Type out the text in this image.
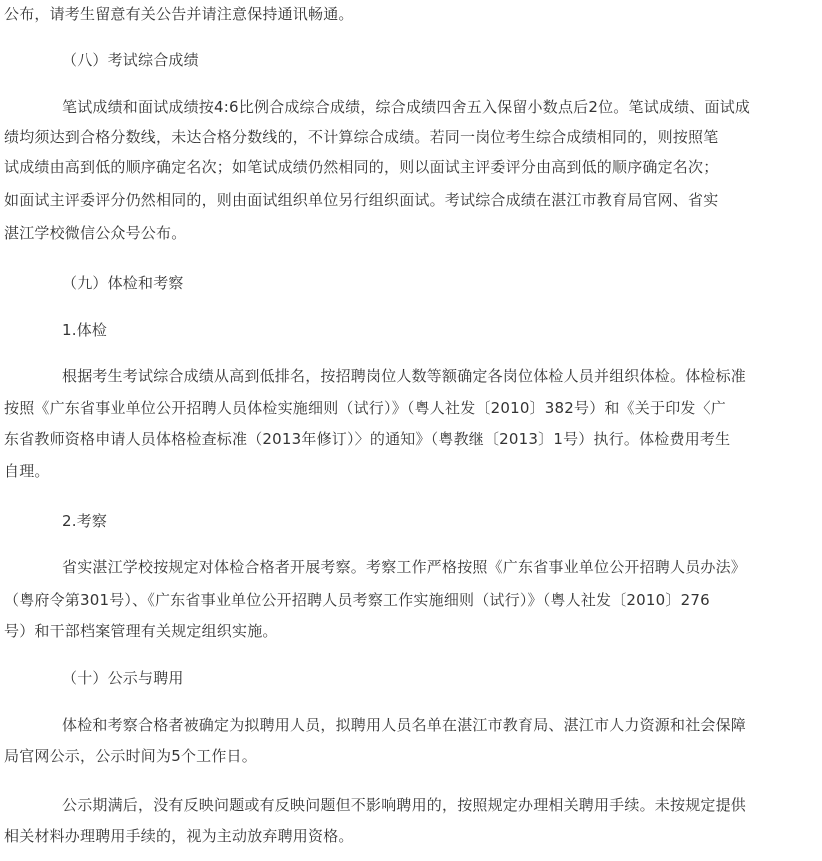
公布，请考生留意有关公告并请注意保持通讯畅通。
（八）考试综合成绩
笔试成绩和面试成绩按4:6比例合成综合成绩，综合成绩四舍五入保留小数点后2位。笔试成绩、面试成
绩均须达到合格分数线，未达合格分数线的，不计算综合成绩。若同一岗位考生综合成绩相同的，则按照笔
试成绩由高到低的顺序确定名次；如笔试成绩仍然相同的，则以面试主评委评分由高到低的顺序确定名次；
如面试主评委评分仍然相同的，则由面试组织单位另行组织面试。考试综合成绩在湛江市教育局官网、省实
湛江学校微信公众号公布。
（九）体检和考察
1.体检
根据考生考试综合成绩从高到低排名，按招聘岗位人数等额确定各岗位体检人员并组织体检。体检标准
按照《广东省事业单位公开招聘人员体检实施细则（试行）》（粤人社发〔2010〕382号）和《关于印发〈广
东省教师资格申请人员体格检查标准（2013年修订）〉的通知》（粤教继〔2013〕1号）执行。体检费用考生
自理。
2.考察
省实湛江学校按规定对体检合格者开展考察。考察工作严格按照《广东省事业单位公开招聘人员办法》
（粤府令第301号）、《广东省事业单位公开招聘人员考察工作实施细则（试行）》（粤人社发〔2010〕276
号）和干部档案管理有关规定组织实施。
（十）公示与聘用
体检和考察合格者被确定为拟聘用人员，拟聘用人员名单在湛江市教育局、湛江市人力资源和社会保障
局官网公示，公示时间为5个工作日。
公示期满后，没有反映问题或有反映问题但不影响聘用的，按照规定办理相关聘用手续。未按规定提供
相关材料办理聘用手续的，视为主动放弃聘用资格。
